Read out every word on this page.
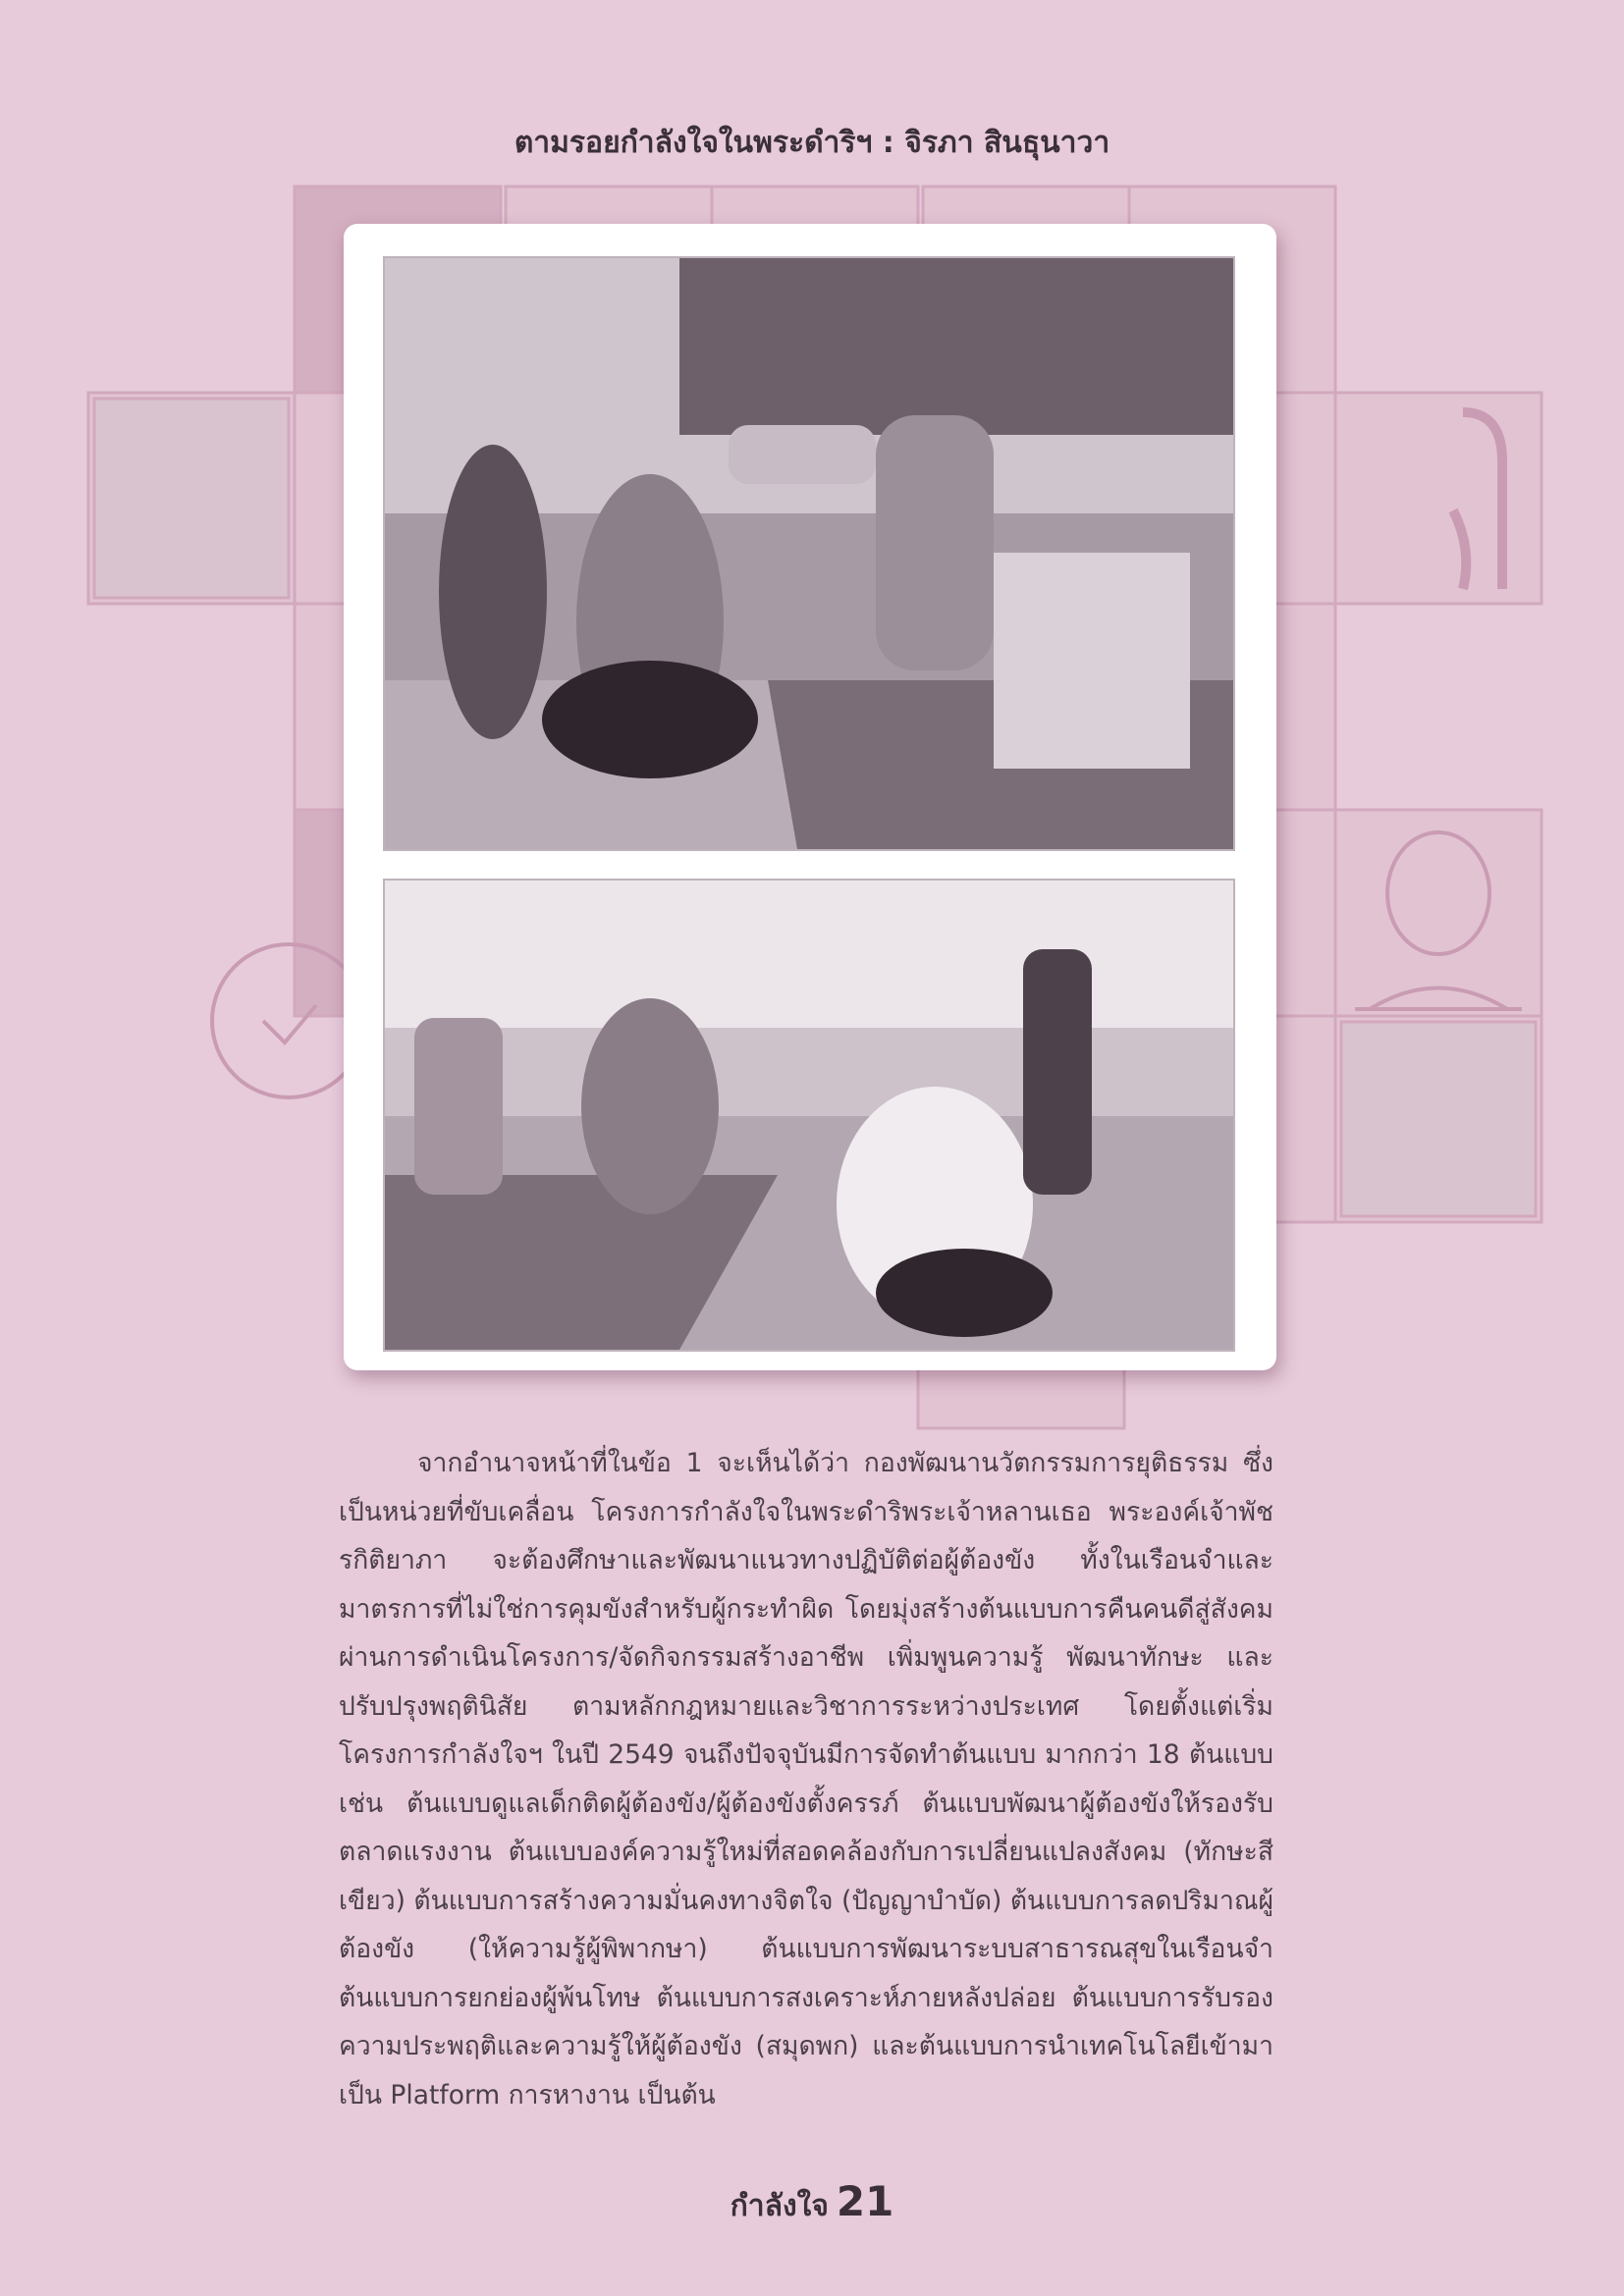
ตามรอยกำลังใจในพระดำริฯ : จิรภา สินธุนาวา

จากอำนาจหน้าที่ในข้อ 1 จะเห็นได้ว่า กองพัฒนานวัตกรรมการยุติธรรม ซึ่งเป็นหน่วยที่ขับเคลื่อน โครงการกำลังใจในพระดำริพระเจ้าหลานเธอ พระองค์เจ้าพัชรกิติยาภา จะต้องศึกษาและพัฒนาแนวทางปฏิบัติต่อผู้ต้องขัง ทั้งในเรือนจำและมาตรการที่ไม่ใช่การคุมขังสำหรับผู้กระทำผิด โดยมุ่งสร้างต้นแบบการคืนคนดีสู่สังคม ผ่านการดำเนินโครงการ/จัดกิจกรรมสร้างอาชีพ เพิ่มพูนความรู้ พัฒนาทักษะ และปรับปรุงพฤตินิสัย ตามหลักกฎหมายและวิชาการระหว่างประเทศ โดยตั้งแต่เริ่มโครงการกำลังใจฯ ในปี 2549 จนถึงปัจจุบันมีการจัดทำต้นแบบ มากกว่า 18 ต้นแบบ เช่น ต้นแบบดูแลเด็กติดผู้ต้องขัง/ผู้ต้องขังตั้งครรภ์ ต้นแบบพัฒนาผู้ต้องขังให้รองรับตลาดแรงงาน ต้นแบบองค์ความรู้ใหม่ที่สอดคล้องกับการเปลี่ยนแปลงสังคม (ทักษะสีเขียว) ต้นแบบการสร้างความมั่นคงทางจิตใจ (ปัญญาบำบัด) ต้นแบบการลดปริมาณผู้ต้องขัง (ให้ความรู้ผู้พิพากษา) ต้นแบบการพัฒนาระบบสาธารณสุขในเรือนจำ ต้นแบบการยกย่องผู้พ้นโทษ ต้นแบบการสงเคราะห์ภายหลังปล่อย ต้นแบบการรับรองความประพฤติและความรู้ให้ผู้ต้องขัง (สมุดพก) และต้นแบบการนำเทคโนโลยีเข้ามาเป็น Platform การหางาน เป็นต้น

กำลังใจ 21
